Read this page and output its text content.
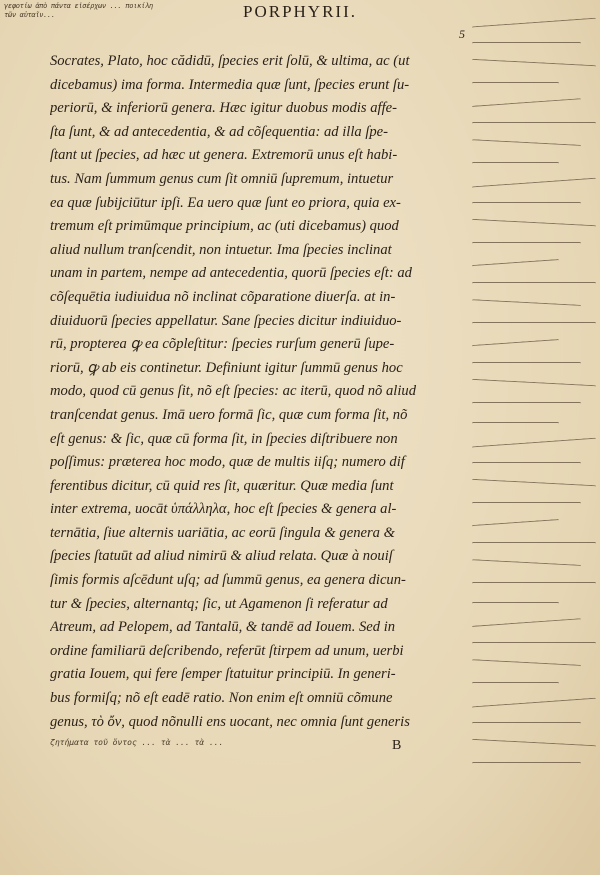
γεφοτίω ἀπὸ πάντα εἰσέρχων ... ποικίλη τῶν αὐταῖν...	PORPHYRII.
5
Socrates, Plato, hoc cădidū, ſpecies erit ſolū, & ultima, ac (ut
dicebamus) ima forma. Intermedia quæ ſunt, ſpecies erunt ſu-
periorū, & inferiorū genera. Hæc igitur duobus modis affe-
ſta ſunt, & ad antecedentia, & ad cõſequentia: ad illa ſpe-
ſtant ut ſpecies, ad hæc ut genera. Extremorū unus eſt habi-
tus. Nam ſummum genus cum ſit omniū ſupremum, intuetur
ea quæ ſubijciūtur ipſi. Ea uero quæ ſunt eo priora, quia ex-
tremum eſt primūmque principium, ac (uti dicebamus) quod
aliud nullum tranſcendit, non intuetur. Ima ſpecies inclinat
unam in partem, nempe ad antecedentia, quorū ſpecies eſt: ad
cõſequētia iudiuidua nõ inclinat cõparatione diuerſa. at in-
diuiduorū ſpecies appellatur. Sane ſpecies dicitur indiuiduo-
rū, propterea ꝙ ea cõpleſtitur: ſpecies rurſum generū ſupe-
riorū, ꝙ ab eis continetur. Definiunt igitur ſummū genus hoc
modo, quod cū genus ſit, nõ eſt ſpecies: ac iterū, quod nõ aliud
tranſcendat genus. Imā uero formā ſic, quæ cum forma ſit, nõ
eſt genus: & ſic, quæ cū forma ſit, in ſpecies diſtribuere non
poſſimus: præterea hoc modo, quæ de multis iiſq; numero dif
ferentibus dicitur, cū quid res ſit, quæritur. Quæ media ſunt
inter extrema, uocāt ὑπάλληλα, hoc eſt ſpecies & genera al-
ternātia, ſiue alternis uariātia, ac eorū ſingula & genera &
ſpecies ſtatuūt ad aliud nimirū & aliud relata. Quæ à nouiſ
ſimis formis aſcēdunt uſq; ad ſummū genus, ea genera dicun-
tur & ſpecies, alternantq; ſic, ut Agamenon ſi referatur ad
Atreum, ad Pelopem, ad Tantalū, & tandē ad Iouem. Sed in
ordine familiarū deſcribendo, referūt ſtirpem ad unum, uerbi
gratia Iouem, qui fere ſemper ſtatuitur principiū. In generi-
bus formiſq; nõ eſt eadē ratio. Non enim eſt omniū cõmune
genus, τὸ ὄν, quod nõnulli ens uocant, nec omnia ſunt generis
ζητήματα τοῦ ὄντος ... τὰ ... τὰ ...	B
